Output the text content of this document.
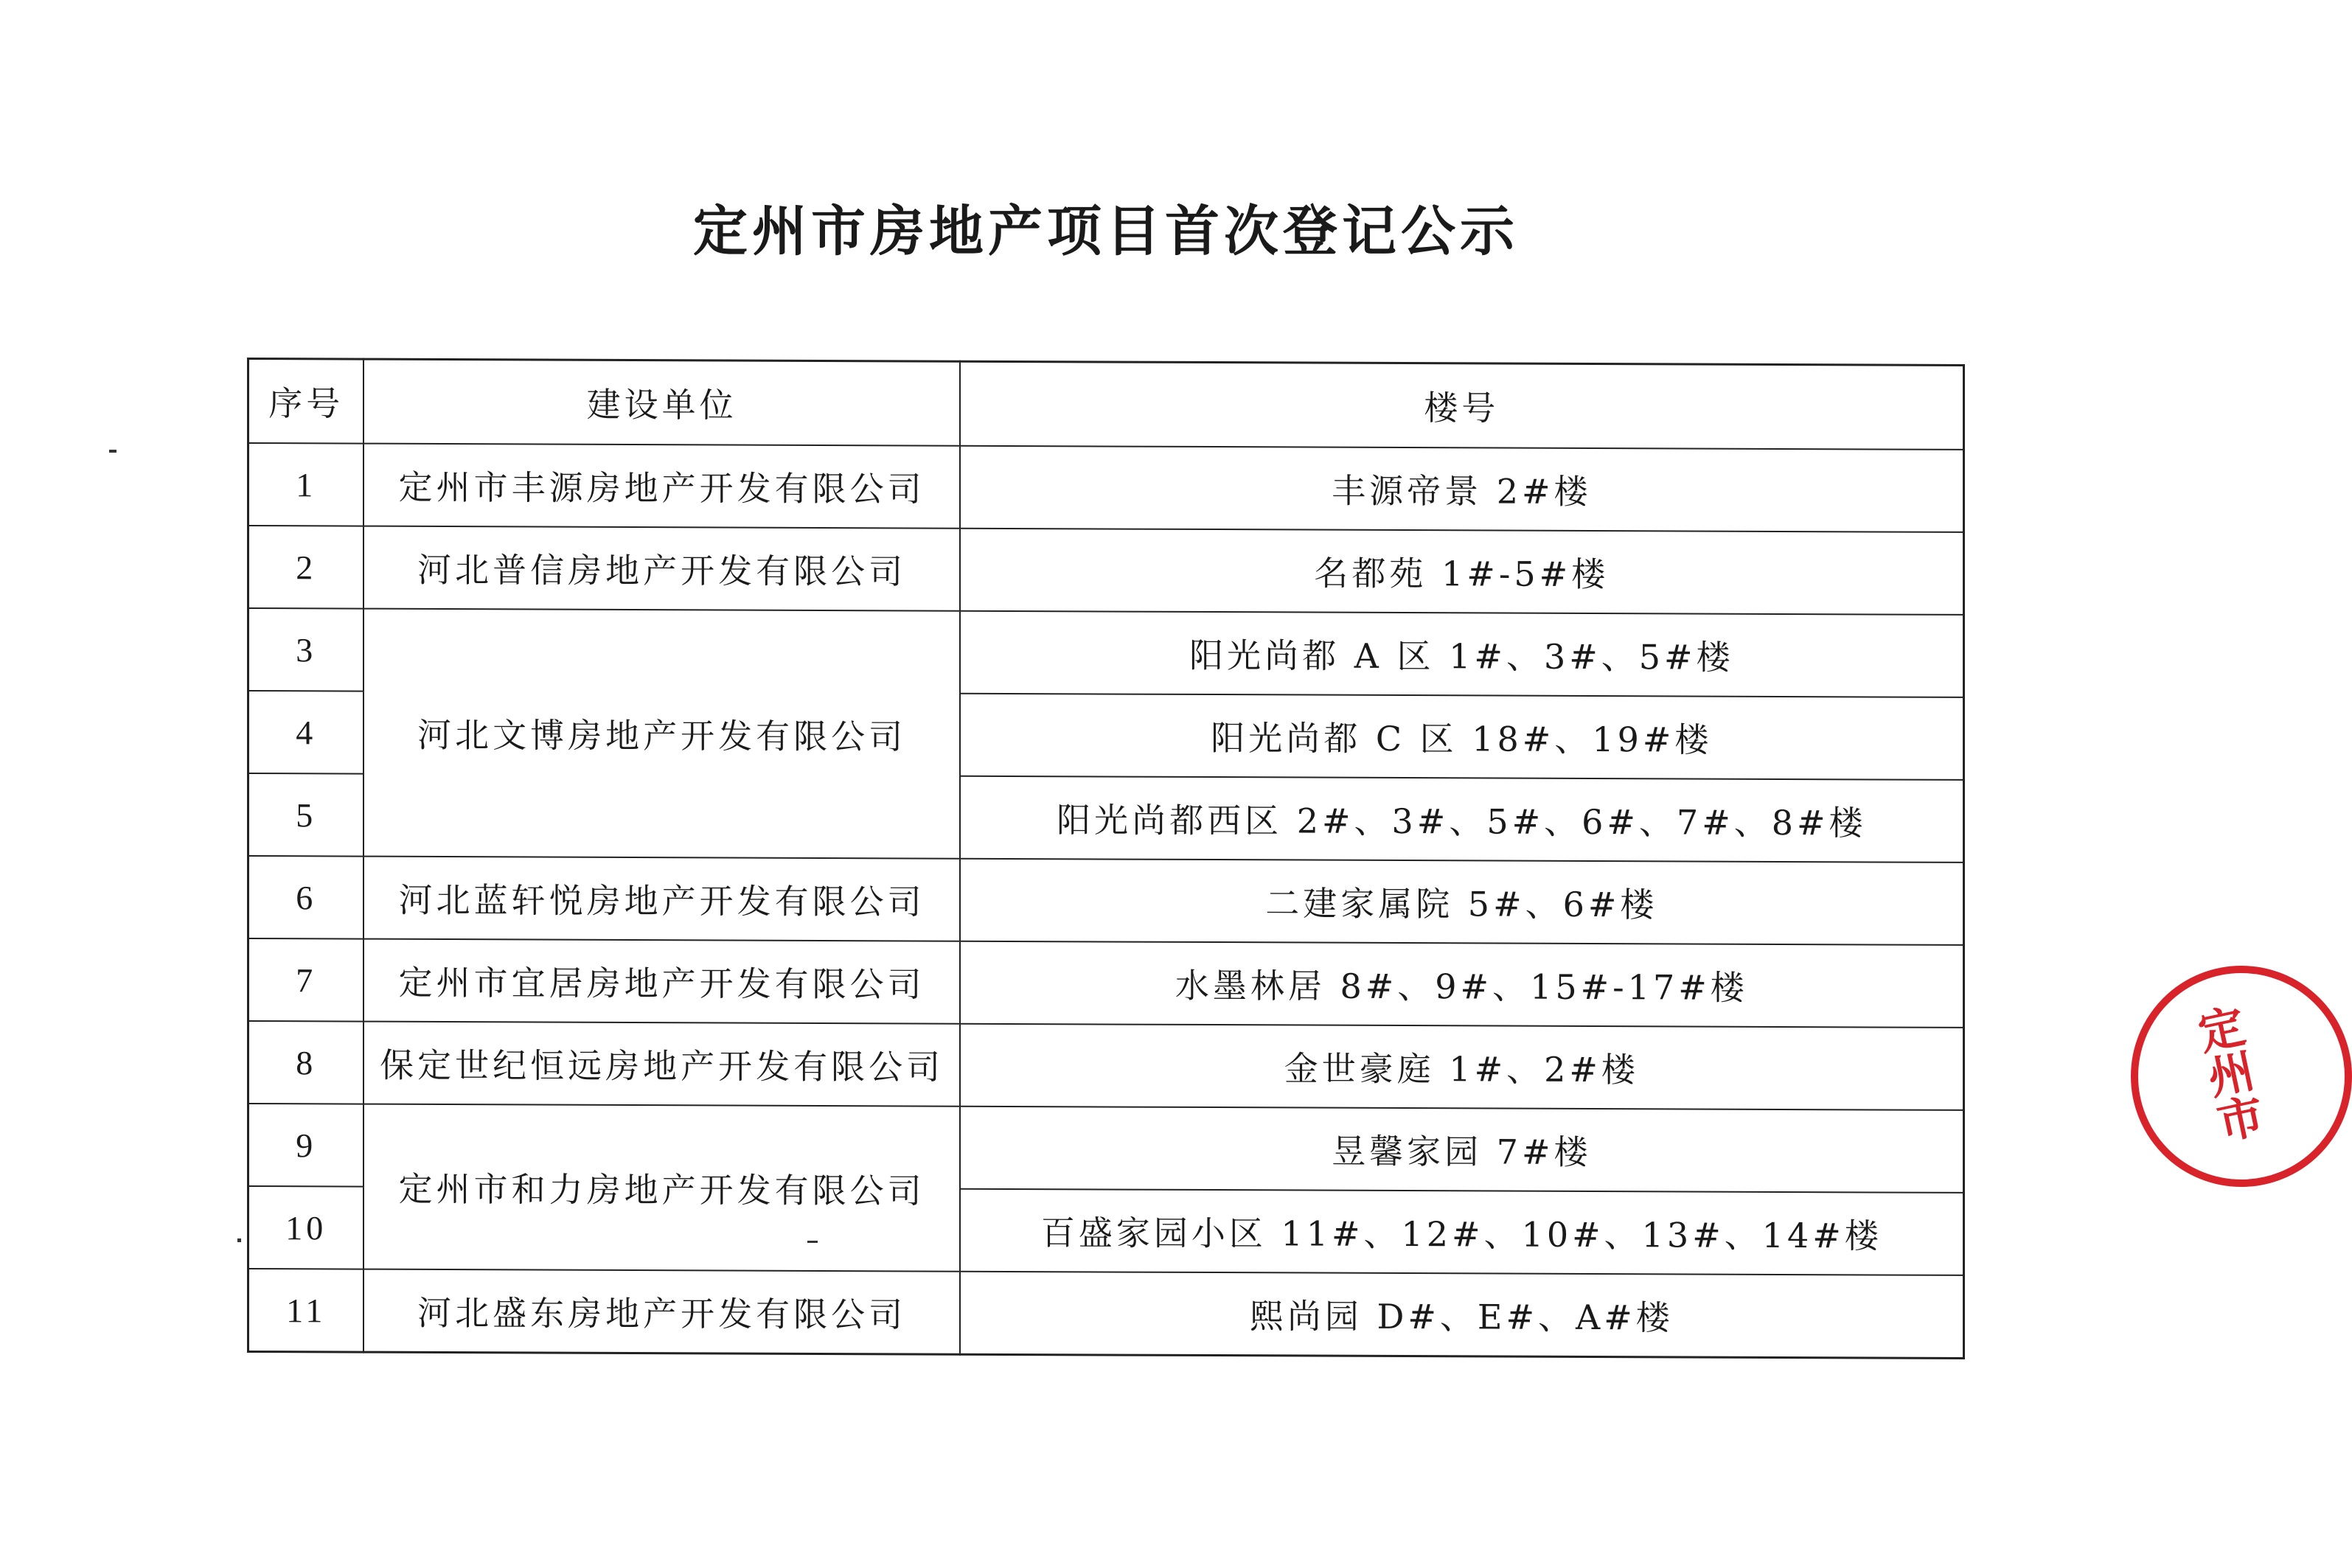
定州市房地产项目首次登记公示
序号	建设单位	楼号
1	定州市丰源房地产开发有限公司	丰源帝景 2#楼
2	河北普信房地产开发有限公司	名都苑 1#-5#楼
3	河北文博房地产开发有限公司	阳光尚都 A 区 1#、3#、5#楼
4		阳光尚都 C 区 18#、19#楼
5		阳光尚都西区 2#、3#、5#、6#、7#、8#楼
6	河北蓝轩悦房地产开发有限公司	二建家属院 5#、6#楼
7	定州市宜居房地产开发有限公司	水墨林居 8#、9#、15#-17#楼
8	保定世纪恒远房地产开发有限公司	金世豪庭 1#、2#楼
9	定州市和力房地产开发有限公司	昱馨家园 7#楼
10		百盛家园小区 11#、12#、10#、13#、14#楼
11	河北盛东房地产开发有限公司	熙尚园 D#、E#、A#楼
定州市
